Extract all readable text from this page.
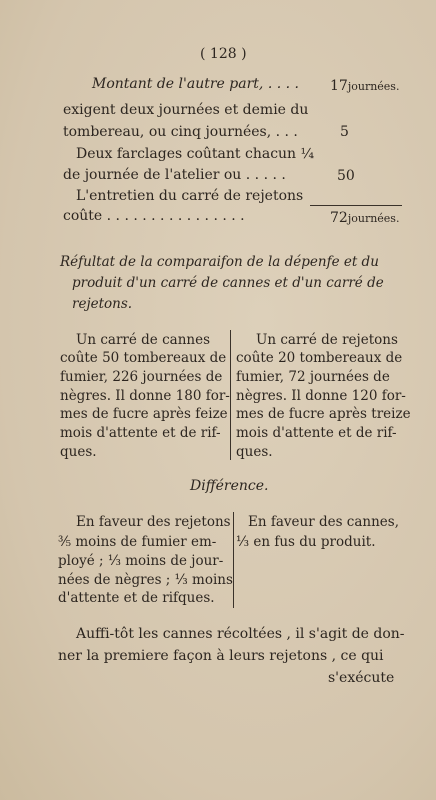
( 128 )
Montant de l'autre part, . . . . 17journées.
exigent deux journées et demie du
tombereau, ou cinq journées, . . .	5
Deux farclages coûtant chacun ¼
de journée de l'atelier ou . . . . .	50
L'entretien du carré de rejetons
coûte . . . . . . . . . . . . . . . .	72journées.
Réfultat de la comparaifon de la dépenfe et du
produit d'un carré de cannes et d'un carré de
rejetons.
Un carré de cannes
coûte 50 tombereaux de
fumier, 226 journées de
nègres. Il donne 180 for-
mes de fucre après feize
mois d'attente et de rif-
ques.
Un carré de rejetons
coûte 20 tombereaux de
fumier, 72 journées de
nègres. Il donne 120 for-
mes de fucre après treize
mois d'attente et de rif-
ques.
Différence.
En faveur des rejetons
⅗ moins de fumier em-
ployé ; ⅓ moins de jour-
nées de nègres ; ⅓ moins
d'attente et de rifques.
En faveur des cannes,
⅓ en fus du produit.
Auffi-tôt les cannes récoltées , il s'agit de don-
ner la premiere façon à leurs rejetons , ce qui
s'exécute
